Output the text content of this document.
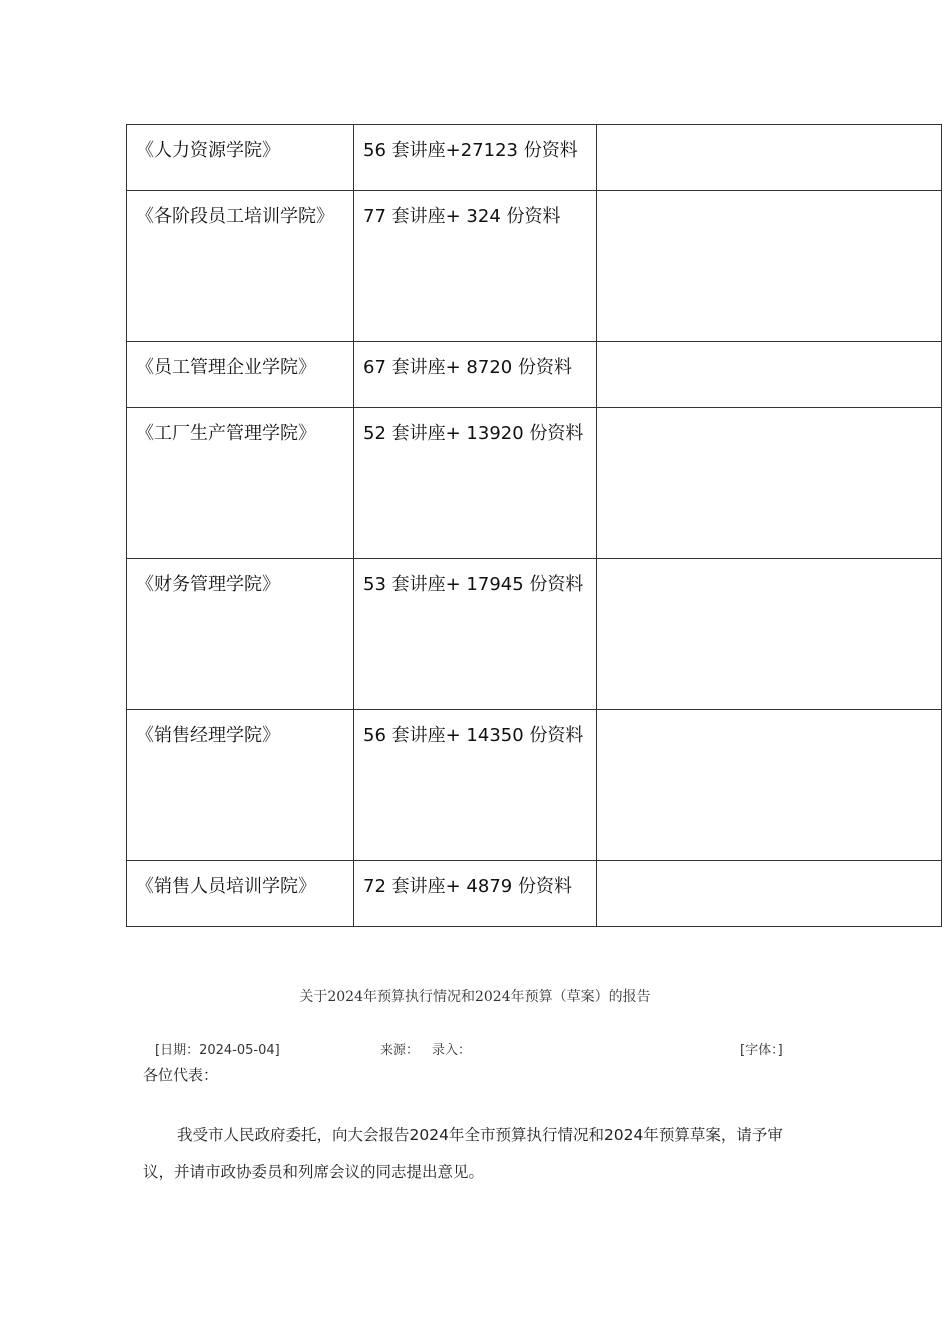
《人力资源学院》	56 套讲座+27123 份资料	

《各阶段员工培训学院》	77 套讲座+ 324 份资料	
《员工管理企业学院》	67 套讲座+ 8720 份资料	
《工厂生产管理学院》	52 套讲座+ 13920 份资料	

《财务管理学院》	53 套讲座+ 17945 份资料	

《销售经理学院》	56 套讲座+ 14350 份资料	

《销售人员培训学院》	72 套讲座+ 4879 份资料	
关于2024年预算执行情况和2024年预算（草案）的报告
[日期：2024-05-04]	来源： 录入：	[字体：]
各位代表：
我受市人民政府委托，向大会报告2024年全市预算执行情况和2024年预算草案，请予审议，并请市政协委员和列席会议的同志提出意见。
